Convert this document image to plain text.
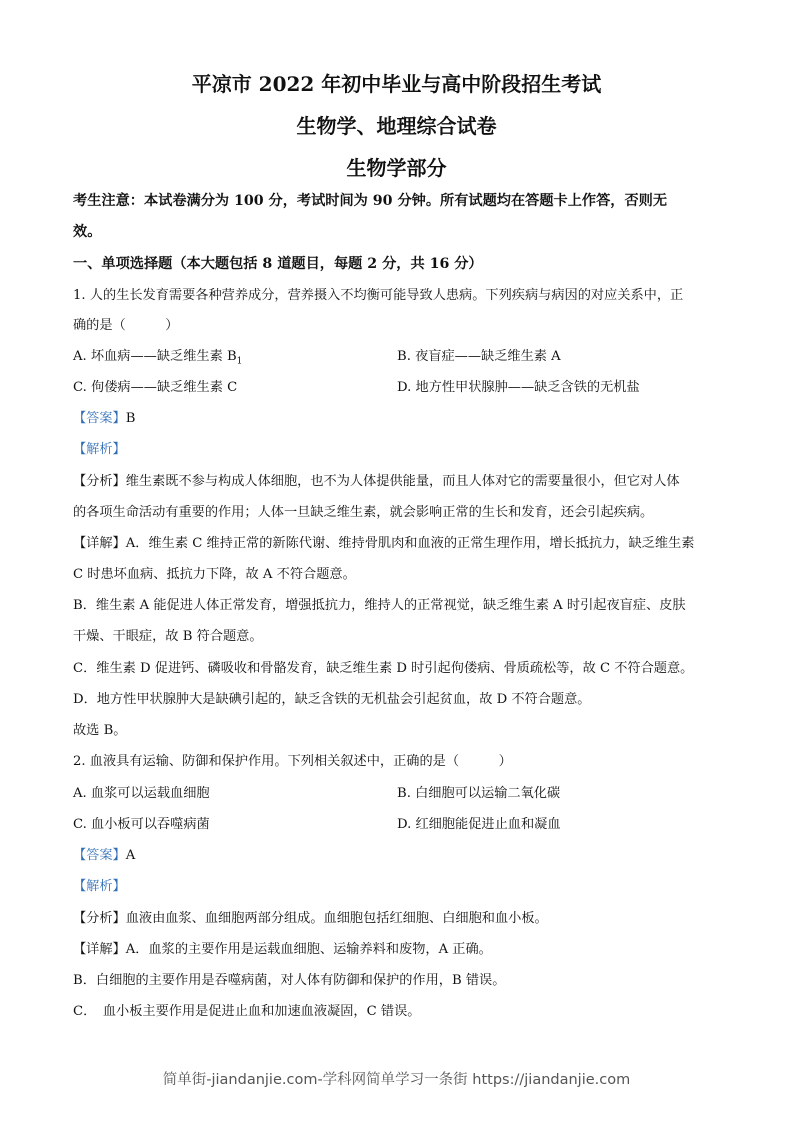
平凉市 2022 年初中毕业与高中阶段招生考试
生物学、地理综合试卷
生物学部分
考生注意：本试卷满分为 100 分，考试时间为 90 分钟。所有试题均在答题卡上作答，否则无
效。
一、单项选择题（本大题包括 8 道题目，每题 2 分，共 16 分）
1. 人的生长发育需要各种营养成分，营养摄入不均衡可能导致人患病。下列疾病与病因的对应关系中，正
确的是（　　　）
A. 坏血病——缺乏维生素 $B_1$	B. 夜盲症——缺乏维生素 A
C. 佝偻病——缺乏维生素 C	D. 地方性甲状腺肿——缺乏含铁的无机盐
【答案】B
【解析】
【分析】维生素既不参与构成人体细胞，也不为人体提供能量，而且人体对它的需要量很小，但它对人体
的各项生命活动有重要的作用；人体一旦缺乏维生素，就会影响正常的生长和发育，还会引起疾病。
【详解】A．维生素 C 维持正常的新陈代谢、维持骨肌肉和血液的正常生理作用，增长抵抗力，缺乏维生素
C 时患坏血病、抵抗力下降，故 A 不符合题意。
B．维生素 A 能促进人体正常发育，增强抵抗力，维持人的正常视觉，缺乏维生素 A 时引起夜盲症、皮肤
干燥、干眼症，故 B 符合题意。
C．维生素 D 促进钙、磷吸收和骨骼发育，缺乏维生素 D 时引起佝偻病、骨质疏松等，故 C 不符合题意。
D．地方性甲状腺肿大是缺碘引起的，缺乏含铁的无机盐会引起贫血，故 D 不符合题意。
故选 B。
2. 血液具有运输、防御和保护作用。下列相关叙述中，正确的是（　　　）
A. 血浆可以运载血细胞	B. 白细胞可以运输二氧化碳
C. 血小板可以吞噬病菌	D. 红细胞能促进止血和凝血
【答案】A
【解析】
【分析】血液由血浆、血细胞两部分组成。血细胞包括红细胞、白细胞和血小板。
【详解】A．血浆的主要作用是运载血细胞、运输养料和废物，A 正确。
B．白细胞的主要作用是吞噬病菌，对人体有防御和保护的作用，B 错误。
C．　血小板主要作用是促进止血和加速血液凝固，C 错误。
简单街-jiandanjie.com-学科网简单学习一条街 https://jiandanjie.com
